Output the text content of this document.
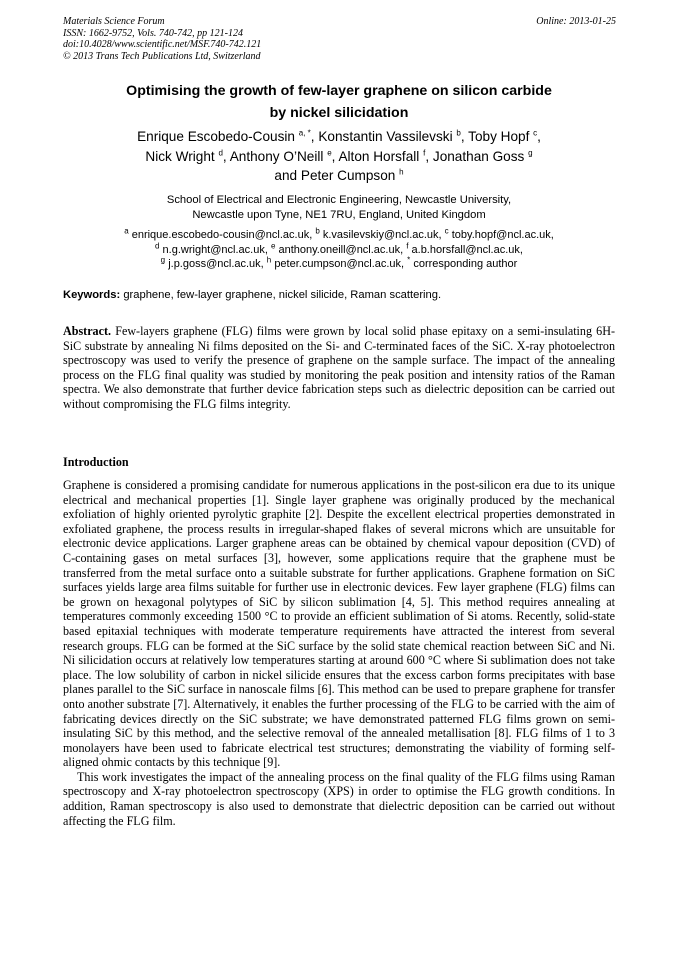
Materials Science Forum
ISSN: 1662-9752, Vols. 740-742, pp 121-124
doi:10.4028/www.scientific.net/MSF.740-742.121
© 2013 Trans Tech Publications Ltd, Switzerland
Online: 2013-01-25
Optimising the growth of few-layer graphene on silicon carbide
by nickel silicidation
Enrique Escobedo-Cousin $^{a, *}$, Konstantin Vassilevski $^b$, Toby Hopf $^c$,
Nick Wright $^d$, Anthony O’Neill $^e$, Alton Horsfall $^f$, Jonathan Goss $^g$
and Peter Cumpson $^h$
School of Electrical and Electronic Engineering, Newcastle University,
Newcastle upon Tyne, NE1 7RU, England, United Kingdom
$^a$ enrique.escobedo-cousin@ncl.ac.uk, $^b$ k.vasilevskiy@ncl.ac.uk, $^c$ toby.hopf@ncl.ac.uk,
$^d$ n.g.wright@ncl.ac.uk, $^e$ anthony.oneill@ncl.ac.uk, $^f$ a.b.horsfall@ncl.ac.uk,
$^g$ j.p.goss@ncl.ac.uk, $^h$ peter.cumpson@ncl.ac.uk, * corresponding author
Keywords: graphene, few-layer graphene, nickel silicide, Raman scattering.
Abstract. Few-layers graphene (FLG) films were grown by local solid phase epitaxy on a semi-insulating 6H-SiC substrate by annealing Ni films deposited on the Si- and C-terminated faces of the SiC. X-ray photoelectron spectroscopy was used to verify the presence of graphene on the sample surface. The impact of the annealing process on the FLG final quality was studied by monitoring the peak position and intensity ratios of the Raman spectra. We also demonstrate that further device fabrication steps such as dielectric deposition can be carried out without compromising the FLG films integrity.
Introduction

Graphene is considered a promising candidate for numerous applications in the post-silicon era due to its unique electrical and mechanical properties [1]. Single layer graphene was originally produced by the mechanical exfoliation of highly oriented pyrolytic graphite [2]. Despite the excellent electrical properties demonstrated in exfoliated graphene, the process results in irregular-shaped flakes of several microns which are unsuitable for electronic device applications. Larger graphene areas can be obtained by chemical vapour deposition (CVD) of C-containing gases on metal surfaces [3], however, some applications require that the graphene must be transferred from the metal surface onto a suitable substrate for further applications. Graphene formation on SiC surfaces yields large area films suitable for further use in electronic devices. Few layer graphene (FLG) films can be grown on hexagonal polytypes of SiC by silicon sublimation [4, 5]. This method requires annealing at temperatures commonly exceeding 1500 °C to provide an efficient sublimation of Si atoms. Recently, solid-state based epitaxial techniques with moderate temperature requirements have attracted the interest from several research groups. FLG can be formed at the SiC surface by the solid state chemical reaction between SiC and Ni. Ni silicidation occurs at relatively low temperatures starting at around 600 °C where Si sublimation does not take place. The low solubility of carbon in nickel silicide ensures that the excess carbon forms precipitates with base planes parallel to the SiC surface in nanoscale films [6]. This method can be used to prepare graphene for transfer onto another substrate [7]. Alternatively, it enables the further processing of the FLG to be carried with the aim of fabricating devices directly on the SiC substrate; we have demonstrated patterned FLG films grown on semi-insulating SiC by this method, and the selective removal of the annealed metallisation [8]. FLG films of 1 to 3 monolayers have been used to fabricate electrical test structures; demonstrating the viability of forming self-aligned ohmic contacts by this technique [9].

This work investigates the impact of the annealing process on the final quality of the FLG films using Raman spectroscopy and X-ray photoelectron spectroscopy (XPS) in order to optimise the FLG growth conditions. In addition, Raman spectroscopy is also used to demonstrate that dielectric deposition can be carried out without affecting the FLG film.
